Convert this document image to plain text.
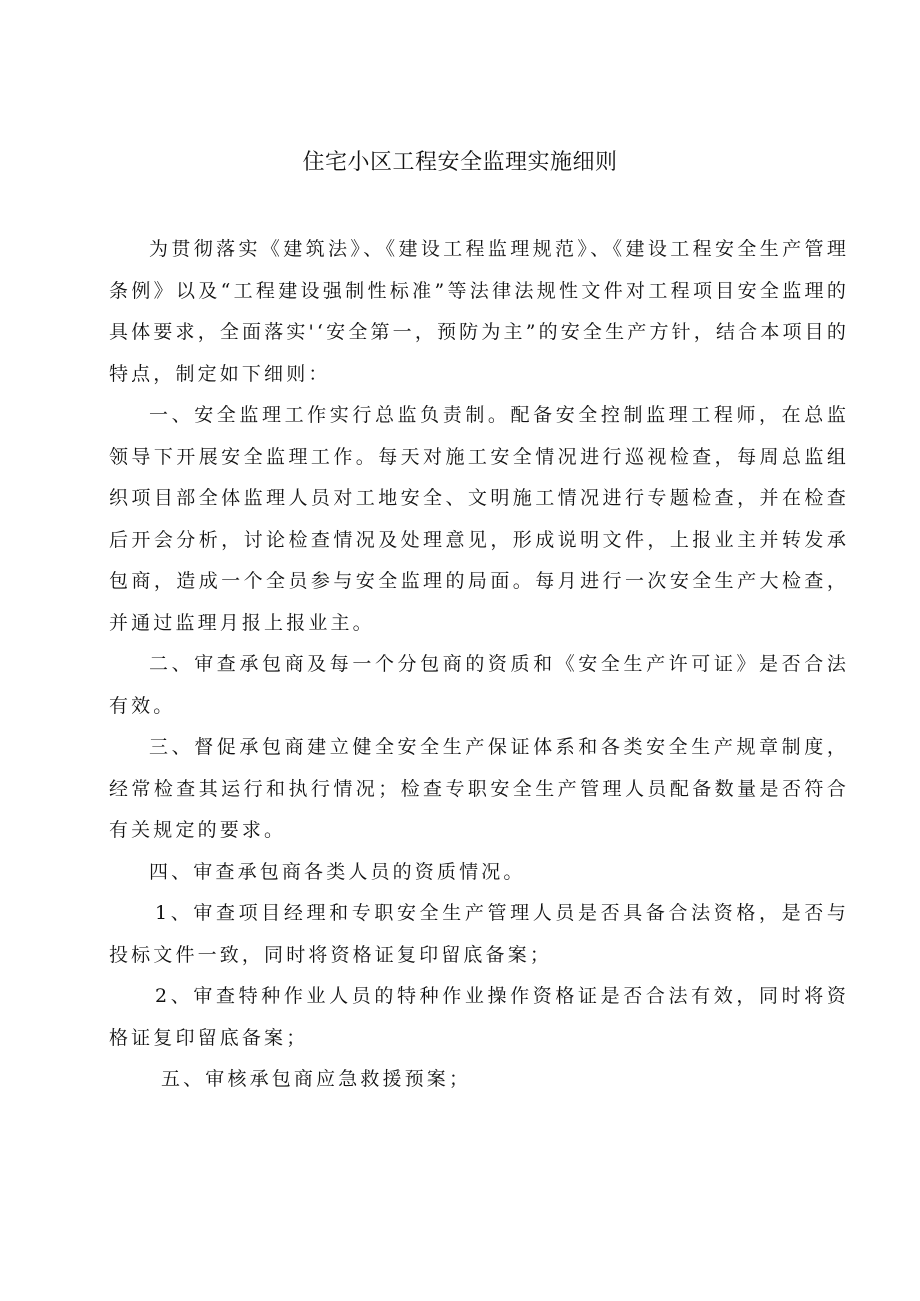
住宅小区工程安全监理实施细则

为贯彻落实《建筑法》、《建设工程监理规范》、《建设工程安全生产管理条例》以及“工程建设强制性标准”等法律法规性文件对工程项目安全监理的具体要求，全面落实'‘安全第一，预防为主”的安全生产方针，结合本项目的特点，制定如下细则：

一、安全监理工作实行总监负责制。配备安全控制监理工程师，在总监领导下开展安全监理工作。每天对施工安全情况进行巡视检查，每周总监组织项目部全体监理人员对工地安全、文明施工情况进行专题检查，并在检查后开会分析，讨论检查情况及处理意见，形成说明文件，上报业主并转发承包商，造成一个全员参与安全监理的局面。每月进行一次安全生产大检查，并通过监理月报上报业主。

二、审查承包商及每一个分包商的资质和《安全生产许可证》是否合法有效。

三、督促承包商建立健全安全生产保证体系和各类安全生产规章制度，经常检查其运行和执行情况；检查专职安全生产管理人员配备数量是否符合有关规定的要求。

四、审查承包商各类人员的资质情况。

1、审查项目经理和专职安全生产管理人员是否具备合法资格，是否与投标文件一致，同时将资格证复印留底备案；

2、审查特种作业人员的特种作业操作资格证是否合法有效，同时将资格证复印留底备案；

五、审核承包商应急救援预案；
